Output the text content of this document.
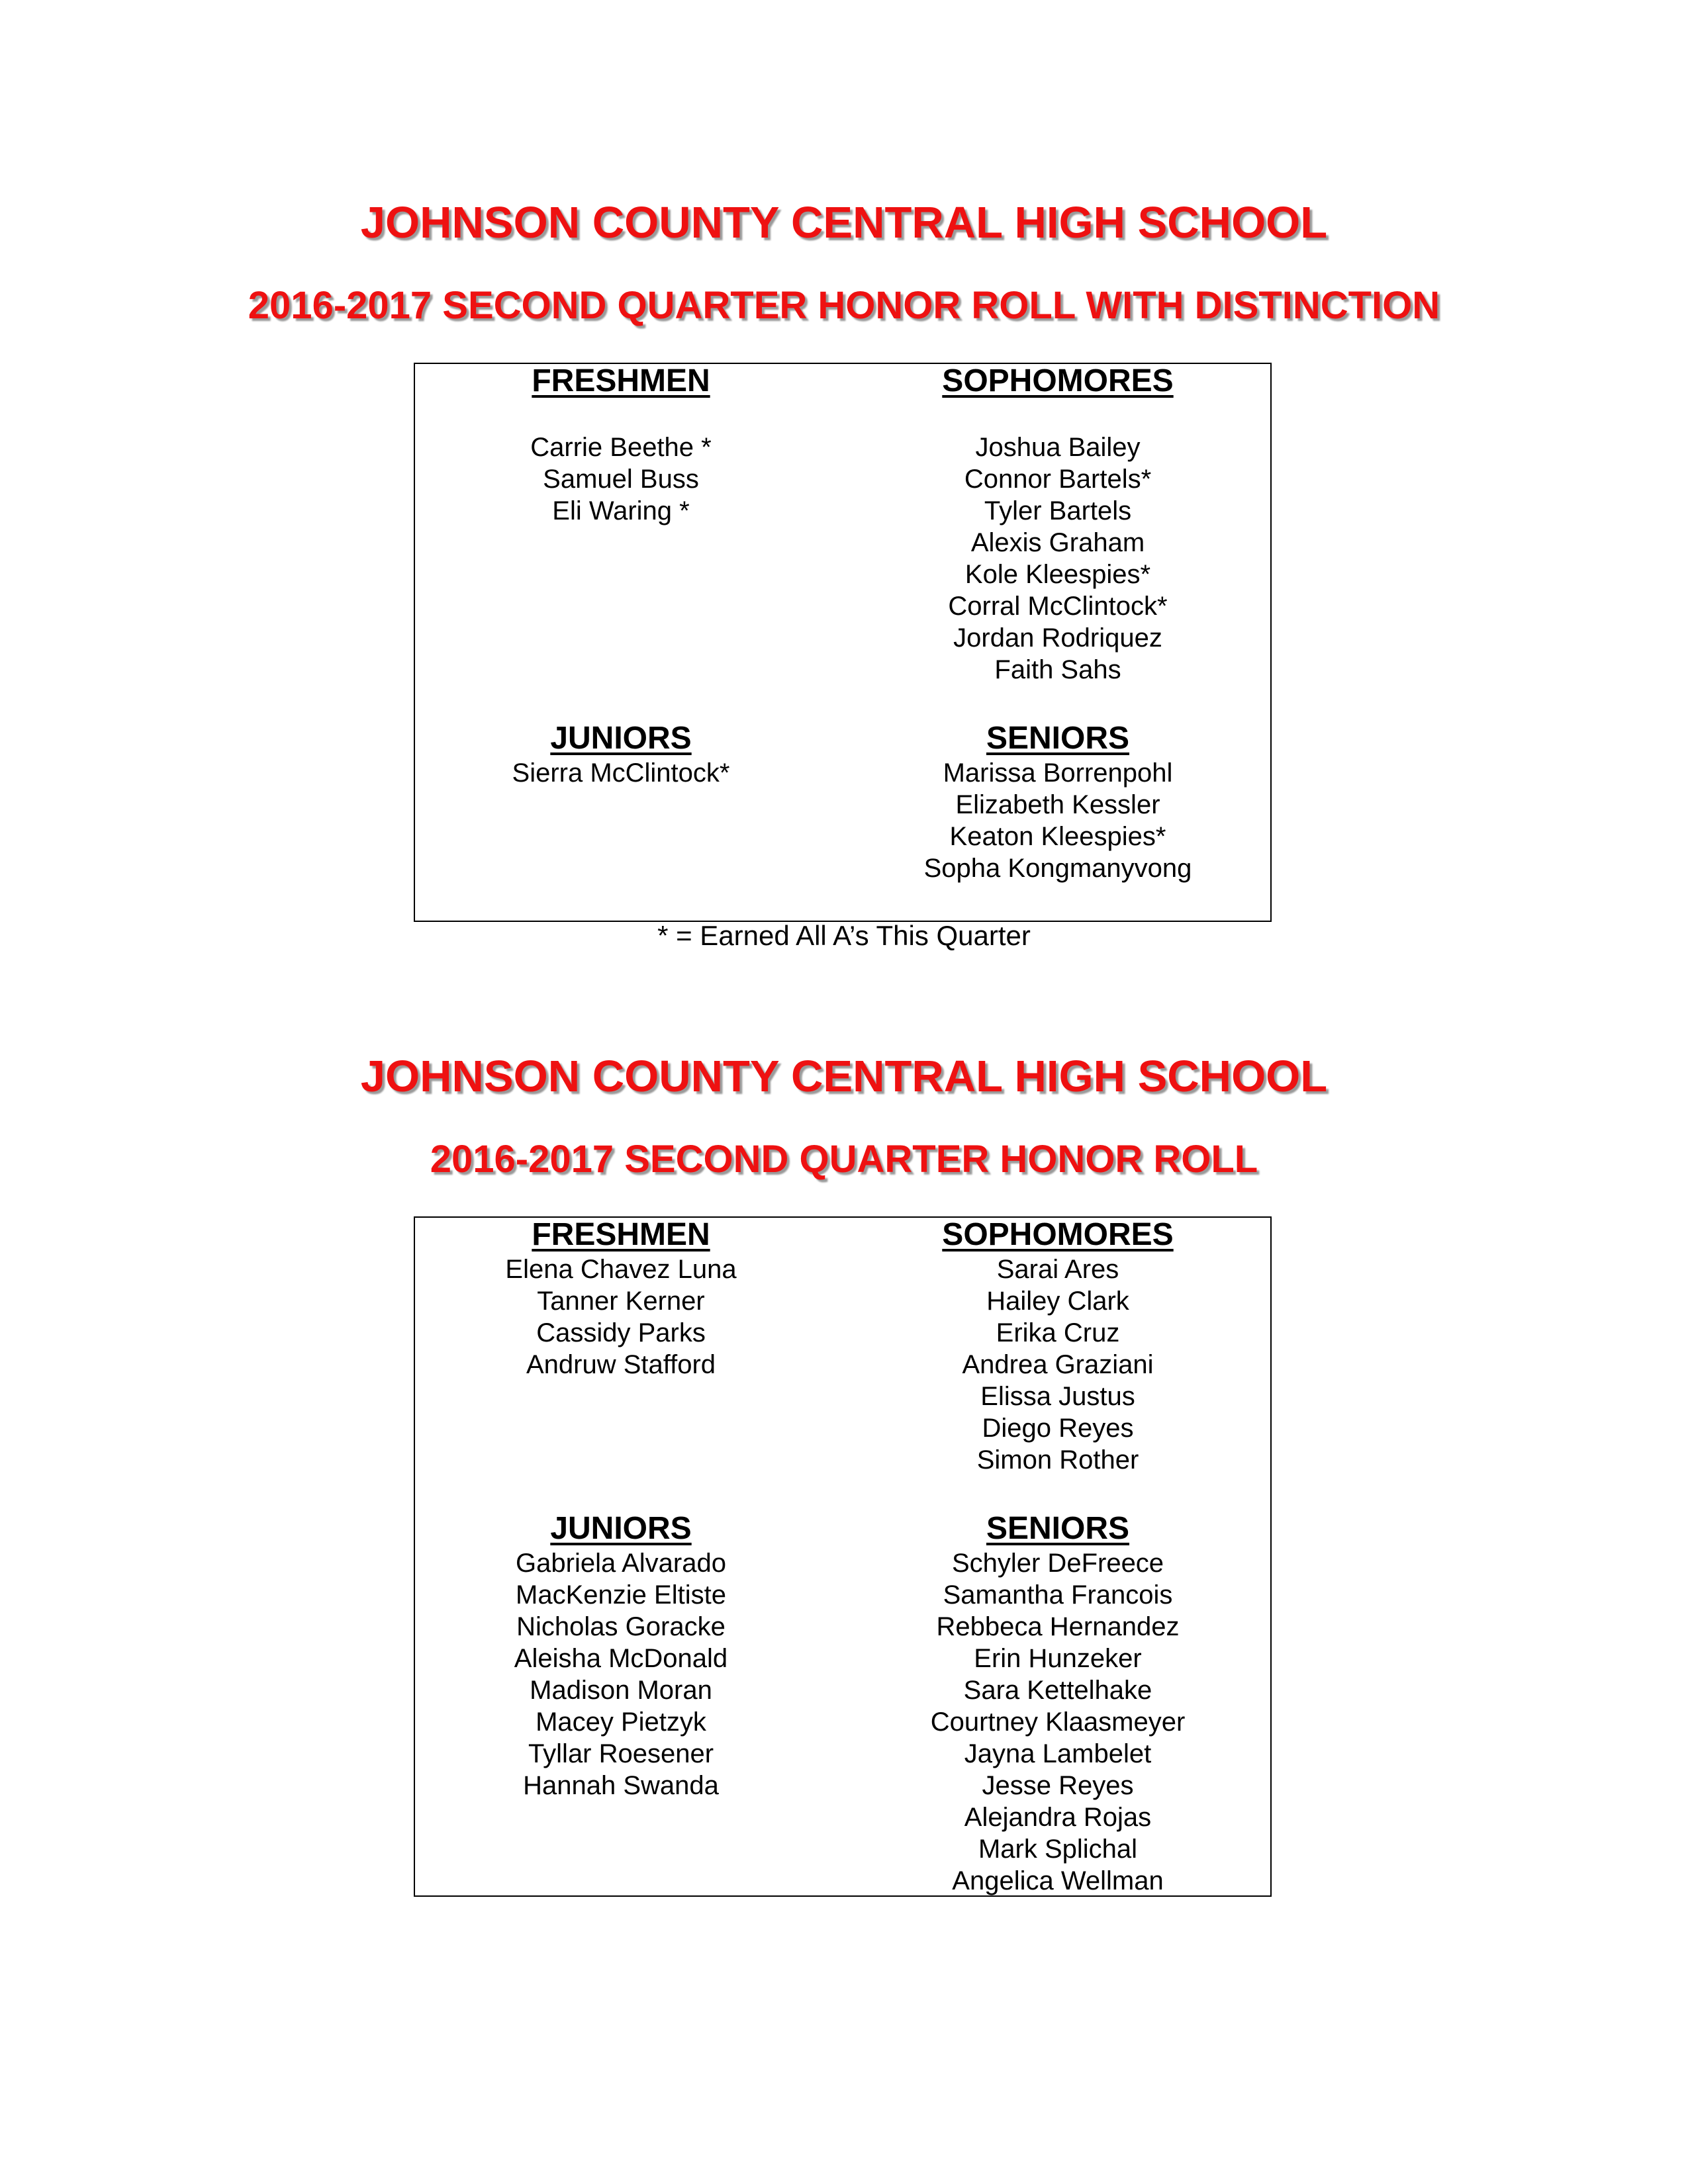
JOHNSON COUNTY CENTRAL HIGH SCHOOL
2016-2017 SECOND QUARTER HONOR ROLL WITH DISTINCTION
FRESHMEN
Carrie Beethe *
Samuel Buss
Eli Waring *
SOPHOMORES
Joshua Bailey
Connor Bartels*
Tyler Bartels
Alexis Graham
Kole Kleespies*
Corral McClintock*
Jordan Rodriquez
Faith Sahs
JUNIORS
Sierra McClintock*
SENIORS
Marissa Borrenpohl
Elizabeth Kessler
Keaton Kleespies*
Sopha Kongmanyvong
* = Earned All A’s This Quarter
JOHNSON COUNTY CENTRAL HIGH SCHOOL
2016-2017 SECOND QUARTER HONOR ROLL
FRESHMEN
Elena Chavez Luna
Tanner Kerner
Cassidy Parks
Andruw Stafford
SOPHOMORES
Sarai Ares
Hailey Clark
Erika Cruz
Andrea Graziani
Elissa Justus
Diego Reyes
Simon Rother
JUNIORS
Gabriela Alvarado
MacKenzie Eltiste
Nicholas Goracke
Aleisha McDonald
Madison Moran
Macey Pietzyk
Tyllar Roesener
Hannah Swanda
SENIORS
Schyler DeFreece
Samantha Francois
Rebbeca Hernandez
Erin Hunzeker
Sara Kettelhake
Courtney Klaasmeyer
Jayna Lambelet
Jesse Reyes
Alejandra Rojas
Mark Splichal
Angelica Wellman
